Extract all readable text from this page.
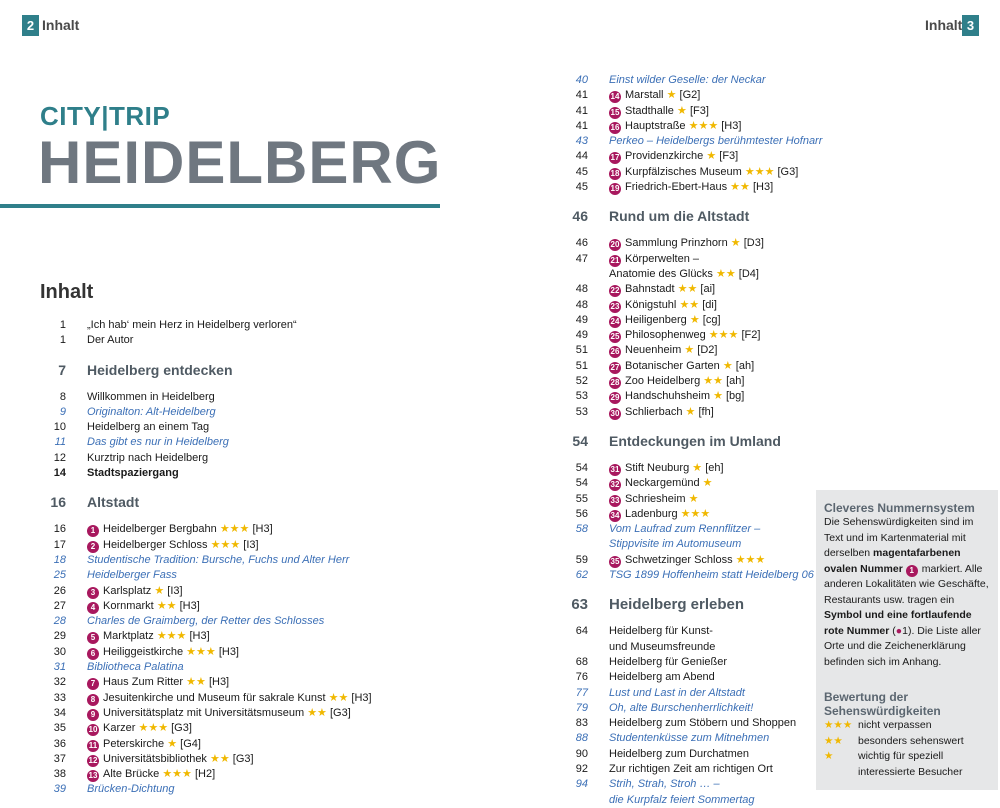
2 Inhalt	Inhalt 3
CITY|TRIP
HEIDELBERG
Inhalt
1 „Ich hab‘ mein Herz in Heidelberg verloren“
1 Der Autor
7 Heidelberg entdecken
8 Willkommen in Heidelberg
9 Originalton: Alt-Heidelberg
10 Heidelberg an einem Tag
11 Das gibt es nur in Heidelberg
12 Kurztrip nach Heidelberg
14 Stadtspaziergang
16 Altstadt
16	1 Heidelberger Bergbahn ★★★ [H3]
17	2 Heidelberger Schloss ★★★ [I3]
18 Studentische Tradition: Bursche, Fuchs und Alter Herr
25 Heidelberger Fass
26	3 Karlsplatz ★ [I3]
27	4 Kornmarkt ★★ [H3]
28 Charles de Graimberg, der Retter des Schlosses
29	5 Marktplatz ★★★ [H3]
30	6 Heiliggeistkirche ★★★ [H3]
31 Bibliotheca Palatina
32	7 Haus Zum Ritter ★★ [H3]
33	8 Jesuitenkirche und Museum für sakrale Kunst ★★ [H3]
34	9 Universitätsplatz mit Universitätsmuseum ★★ [G3]
35	10 Karzer ★★★ [G3]
36	11 Peterskirche ★ [G4]
37	12 Universitätsbibliothek ★★ [G3]
38	13 Alte Brücke ★★★ [H2]
39 Brücken-Dichtung
40 Einst wilder Geselle: der Neckar
41	14 Marstall ★ [G2]
41	15 Stadthalle ★ [F3]
41	16 Hauptstraße ★★★ [H3]
43 Perkeo – Heidelbergs berühmtester Hofnarr
44	17 Providenzkirche ★ [F3]
45	18 Kurpfälzisches Museum ★★★ [G3]
45	19 Friedrich-Ebert-Haus ★★ [H3]
46 Rund um die Altstadt
46	20 Sammlung Prinzhorn ★ [D3]
47	21 Körperwelten –
Anatomie des Glücks ★★ [D4]
48	22 Bahnstadt ★★ [ai]
48	23 Königstuhl ★★ [di]
49	24 Heiligenberg ★ [cg]
49	25 Philosophenweg ★★★ [F2]
51	26 Neuenheim ★ [D2]
51	27 Botanischer Garten ★ [ah]
52	28 Zoo Heidelberg ★★ [ah]
53	29 Handschuhsheim ★ [bg]
53	30 Schlierbach ★ [fh]
54 Entdeckungen im Umland
54	31 Stift Neuburg ★ [eh]
54	32 Neckargemünd ★
55	33 Schriesheim ★
56	34 Ladenburg ★★★
58 Vom Laufrad zum Rennflitzer –
Stippvisite im Automuseum
59	35 Schwetzinger Schloss ★★★
62 TSG 1899 Hoffenheim statt Heidelberg 06
63 Heidelberg erleben
64 Heidelberg für Kunst-
und Museumsfreunde
68 Heidelberg für Genießer
76 Heidelberg am Abend
77 Lust und Last in der Altstadt
79 Oh, alte Burschenherrlichkeit!
83 Heidelberg zum Stöbern und Shoppen
88 Studentenküsse zum Mitnehmen
90 Heidelberg zum Durchatmen
92 Zur richtigen Zeit am richtigen Ort
94 Strih, Strah, Stroh … –
die Kurpfalz feiert Sommertag
Cleveres Nummernsystem
Die Sehenswürdigkeiten sind im Text und im Kartenmaterial mit derselben magentafarbenen ovalen Nummer 1 markiert. Alle anderen Lokalitäten wie Geschäfte, Restaurants usw. tragen ein Symbol und eine fortlaufende rote Nummer (●1). Die Liste aller Orte und die Zeichenerklärung befinden sich im Anhang.
Bewertung der
Sehenswürdigkeiten
★★★ nicht verpassen
★★ besonders sehenswert
★ wichtig für speziell
interessierte Besucher
